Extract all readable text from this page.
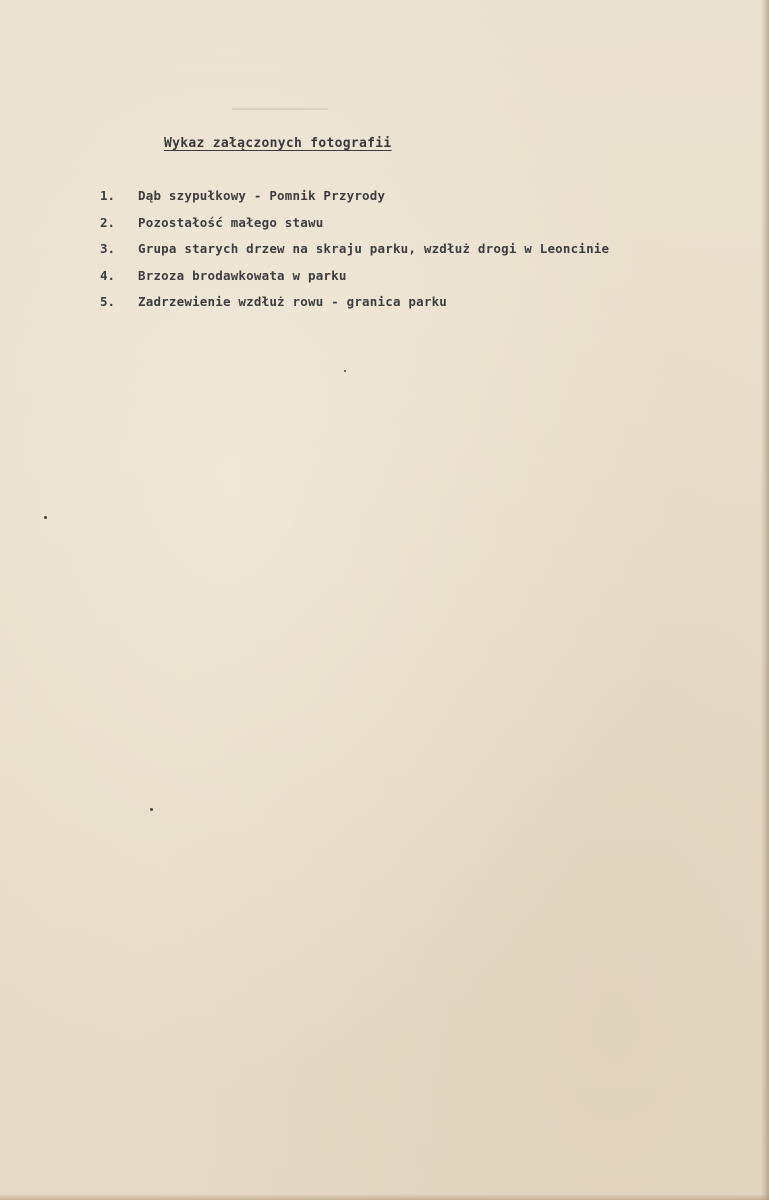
Wykaz załączonych fotografii
1.	Dąb szypułkowy - Pomnik Przyrody
2.	Pozostałość małego stawu
3.	Grupa starych drzew na skraju parku, wzdłuż drogi w Leoncinie
4.	Brzoza brodawkowata w parku
5.	Zadrzewienie wzdłuż rowu - granica parku
